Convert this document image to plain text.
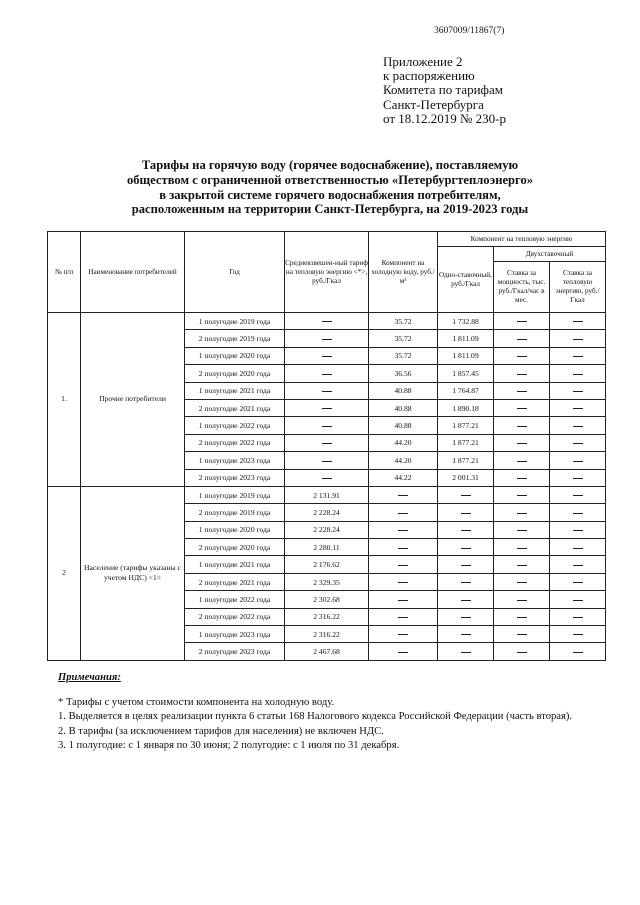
3607009/11867(7)
Приложение 2
к распоряжению
Комитета по тарифам
Санкт-Петербурга
от 18.12.2019 № 230-р
Тарифы на горячую воду (горячее водоснабжение), поставляемую
обществом с ограниченной ответственностью «Петербургтеплоэнерго»
в закрытой системе горячего водоснабжения потребителям,
расположенным на территории Санкт-Петербурга, на 2019-2023 годы
№ п/п	Наименование потребителей	Год	Средневзвешен-ный тариф на тепловую энергию <*>, руб./Гкал	Компонент на холодную воду, руб./м³	Компонент на тепловую энергию		
					Одно-ставочный, руб./Гкал	Двухставочный	
						Ставка за мощность, тыс. руб./Гкал/час в мес.	Ставка за тепловую энергию, руб./Гкал
1.	Прочие потребители	1 полугодие 2019 года		35.72	1 732.88		
		2 полугодие 2019 года		35.72	1 811.09		
		1 полугодие 2020 года		35.72	1 811.09		
		2 полугодие 2020 года		36.56	1 857.45		
		1 полугодие 2021 года		40.88	1 764.87		
		2 полугодие 2021 года		40.88	1 890.18		
		1 полугодие 2022 года		40.88	1 877.21		
		2 полугодие 2022 года		44.20	1 877.21		
		1 полугодие 2023 года		44.20	1 877.21		
		2 полугодие 2023 года		44.22	2 001.31		
2	Население (тарифы указаны с учетом НДС) <1>	1 полугодие 2019 года	2 131.91				
		2 полугодие 2019 года	2 228.24				
		1 полугодие 2020 года	2 228.24				
		2 полугодие 2020 года	2 280.11				
		1 полугодие 2021 года	2 176.62				
		2 полугодие 2021 года	2 329.35				
		1 полугодие 2022 года	2 302.68				
		2 полугодие 2022 года	2 316.22				
		1 полугодие 2023 года	2 316.22				
		2 полугодие 2023 года	2 467.68				
Примечания:
* Тарифы с учетом стоимости компонента на холодную воду.
1. Выделяется в целях реализации пункта 6 статьи 168 Налогового кодекса Российской Федерации (часть вторая).
2. В тарифы (за исключением тарифов для населения) не включен НДС.
3. 1 полугодие: с 1 января по 30 июня; 2 полугодие: с 1 июля по 31 декабря.
